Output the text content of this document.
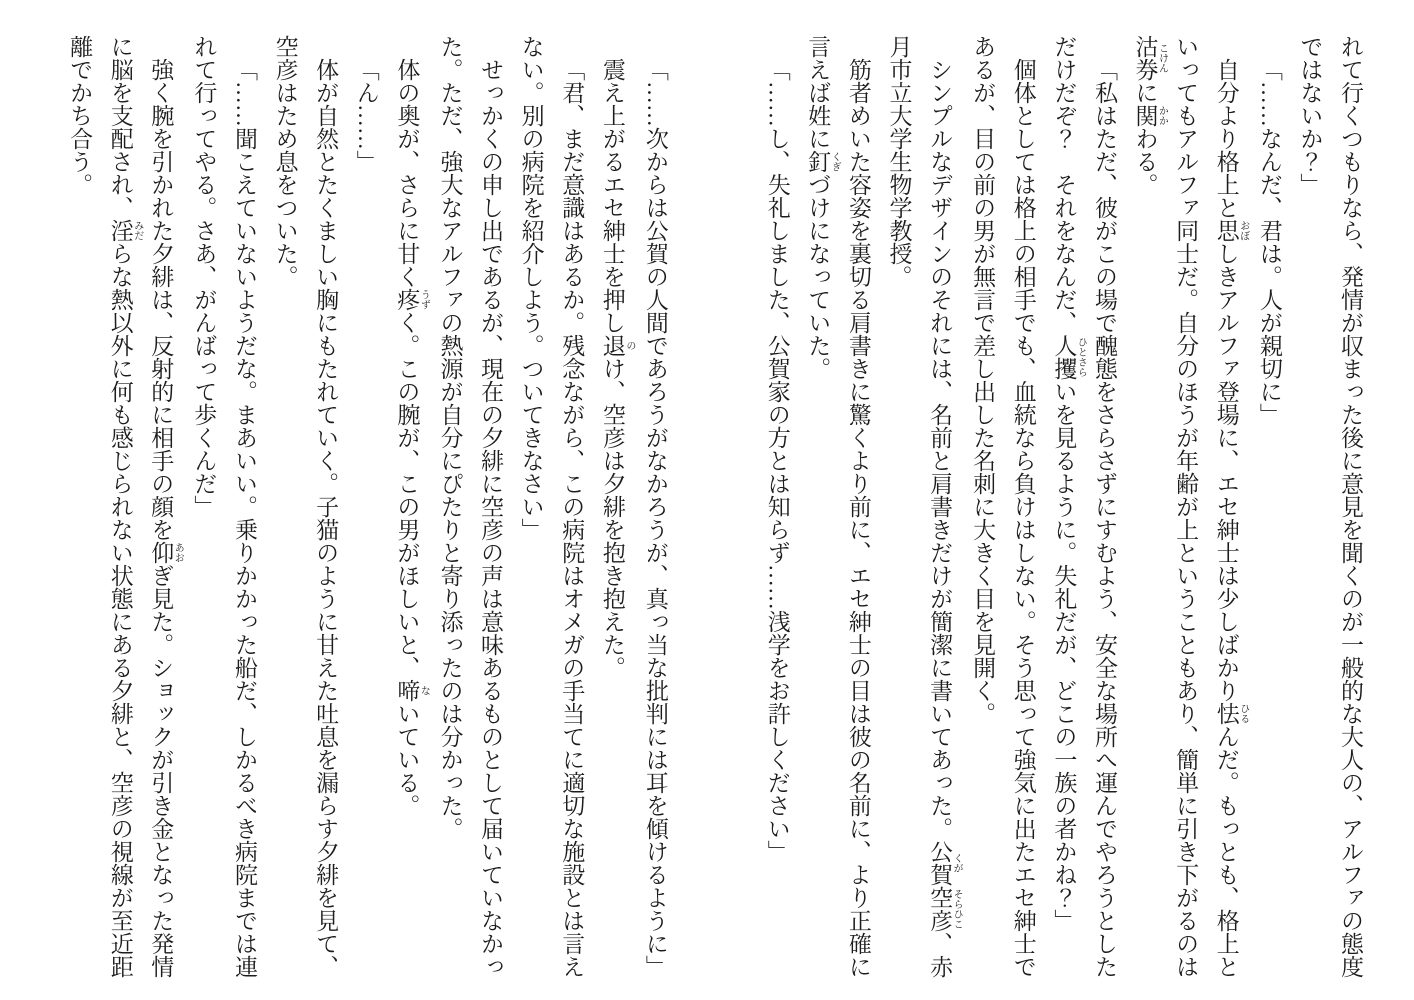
れて行くつもりなら、発情が収まった後に意見を聞くのが一般的な大人の、アルファの態度ではないか？」

「……なんだ、君は。人が親切に」

自分より格上と思 おぼしきアルファ登場に、エセ紳士は少しばかり怯 ひるんだ。もっとも、格上といってもアルファ同士だ。自分のほうが年齢が上ということもあり、簡単に引き下がるのは沽券 こけんに関 かかわる。

「私はただ、彼がこの場で醜態をさらさずにすむよう、安全な場所へ運んでやろうとしただけだぞ？　それをなんだ、人攫 ひとさらいを見るように。失礼だが、どこの一族の者かね？」

個体としては格上の相手でも、血統なら負けはしない。そう思って強気に出たエセ紳士であるが、目の前の男が無言で差し出した名刺に大きく目を見開く。

シンプルなデザインのそれには、名前と肩書きだけが簡潔に書いてあった。公賀 くが空彦 そらひこ、赤月市立大学生物学教授。

筋者めいた容姿を裏切る肩書きに驚くより前に、エセ紳士の目は彼の名前に、より正確に言えば姓に釘 くぎづけになっていた。

「……し、失礼しました、公賀家の方とは知らず……浅学をお許しください」

「……次からは公賀の人間であろうがなかろうが、真っ当な批判には耳を傾けるように」

震え上がるエセ紳士を押し退 のけ、空彦は夕緋を抱き抱えた。

「君、まだ意識はあるか。残念ながら、この病院はオメガの手当てに適切な施設とは言えない。別の病院を紹介しよう。ついてきなさい」

せっかくの申し出であるが、現在の夕緋に空彦の声は意味あるものとして届いていなかった。ただ、強大なアルファの熱源が自分にぴたりと寄り添ったのは分かった。

体の奥が、さらに甘く疼 うずく。この腕が、この男がほしいと、啼 ないている。

「ん……」

体が自然とたくましい胸にもたれていく。子猫のように甘えた吐息を漏らす夕緋を見て、空彦はため息をついた。

「……聞こえていないようだな。まあいい。乗りかかった船だ、しかるべき病院までは連れて行ってやる。さあ、がんばって歩くんだ」

強く腕を引かれた夕緋は、反射的に相手の顔を仰 あおぎ見た。ショックが引き金となった発情に脳を支配され、淫 みだらな熱以外に何も感じられない状態にある夕緋と、空彦の視線が至近距離でかち合う。
